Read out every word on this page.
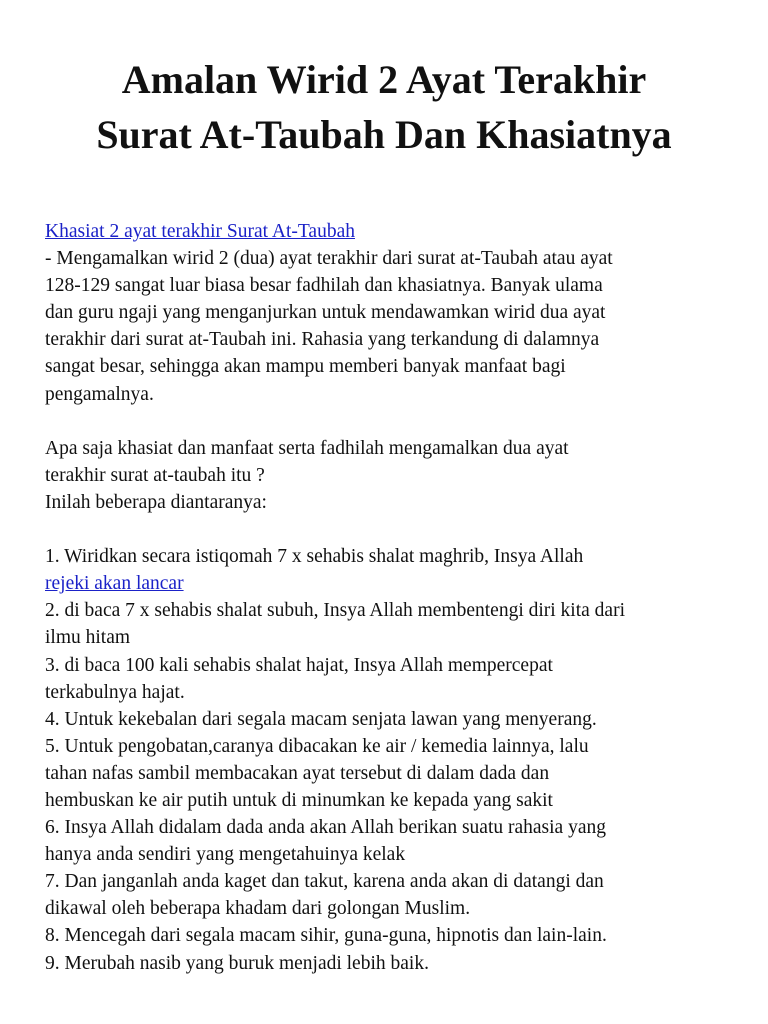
Amalan Wirid 2 Ayat Terakhir
Surat At-Taubah Dan Khasiatnya
Khasiat 2 ayat terakhir Surat At-Taubah
- Mengamalkan wirid 2 (dua) ayat terakhir dari surat at-Taubah atau ayat
128-129 sangat luar biasa besar fadhilah dan khasiatnya. Banyak ulama
dan guru ngaji yang menganjurkan untuk mendawamkan wirid dua ayat
terakhir dari surat at-Taubah ini. Rahasia yang terkandung di dalamnya
sangat besar, sehingga akan mampu memberi banyak manfaat bagi
pengamalnya.
Apa saja khasiat dan manfaat serta fadhilah mengamalkan dua ayat
terakhir surat at-taubah itu ?
Inilah beberapa diantaranya:
1. Wiridkan secara istiqomah 7 x sehabis shalat maghrib, Insya Allah
rejeki akan lancar
2. di baca 7 x sehabis shalat subuh, Insya Allah membentengi diri kita dari
ilmu hitam
3. di baca 100 kali sehabis shalat hajat, Insya Allah mempercepat
terkabulnya hajat.
4. Untuk kekebalan dari segala macam senjata lawan yang menyerang.
5. Untuk pengobatan,caranya dibacakan ke air / kemedia lainnya, lalu
tahan nafas sambil membacakan ayat tersebut di dalam dada dan
hembuskan ke air putih untuk di minumkan ke kepada yang sakit
6. Insya Allah didalam dada anda akan Allah berikan suatu rahasia yang
hanya anda sendiri yang mengetahuinya kelak
7. Dan janganlah anda kaget dan takut, karena anda akan di datangi dan
dikawal oleh beberapa khadam dari golongan Muslim.
8. Mencegah dari segala macam sihir, guna-guna, hipnotis dan lain-lain.
9. Merubah nasib yang buruk menjadi lebih baik.
